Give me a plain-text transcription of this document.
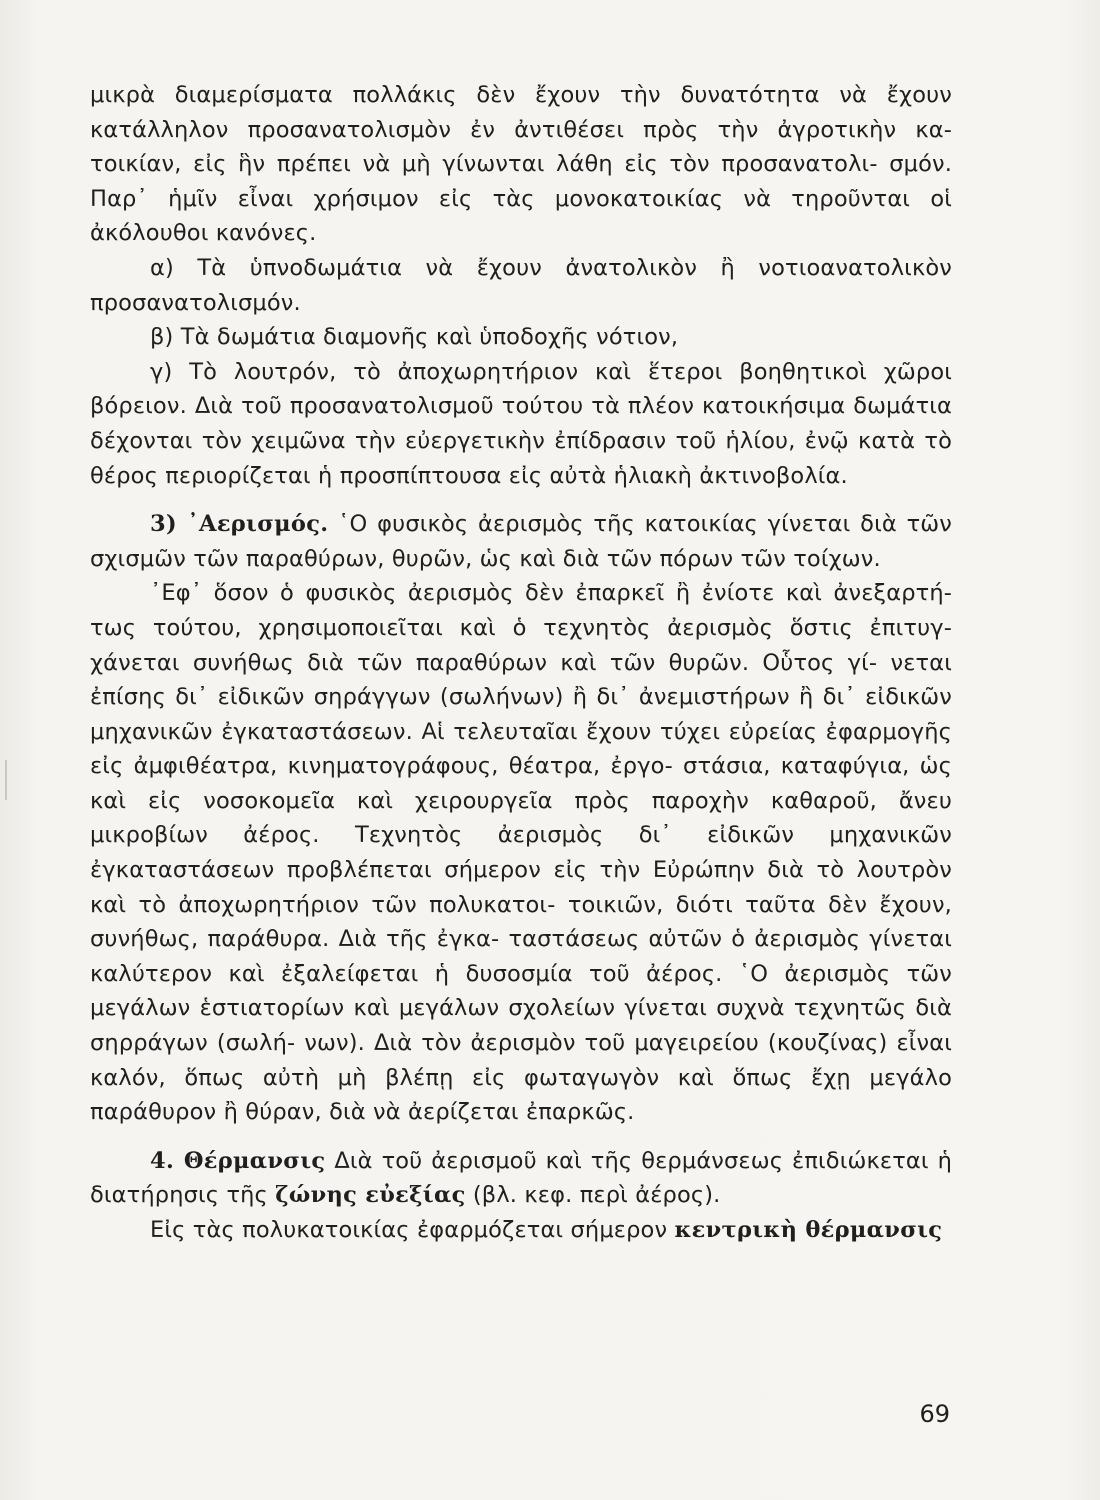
μικρὰ διαμερίσματα πολλάκις δὲν ἔχουν τὴν δυνατότητα νὰ ἔχουν κατάλληλον προσανατολισμὸν ἐν ἀντιθέσει πρὸς τὴν ἀγροτικὴν κα- τοικίαν, εἰς ἣν πρέπει νὰ μὴ γίνωνται λάθη εἰς τὸν προσανατολι- σμόν. Παρ᾿ ἡμῖν εἶναι χρήσιμον εἰς τὰς μονοκατοικίας νὰ τηροῦνται οἱ ἀκόλουθοι κανόνες.

α) Τὰ ὑπνοδωμάτια νὰ ἔχουν ἀνατολικὸν ἢ νοτιοανατολικὸν προσανατολισμόν.

β) Τὰ δωμάτια διαμονῆς καὶ ὑποδοχῆς νότιον,

γ) Τὸ λουτρόν, τὸ ἀποχωρητήριον καὶ ἕτεροι βοηθητικοὶ χῶροι βόρειον. Διὰ τοῦ προσανατολισμοῦ τούτου τὰ πλέον κατοικήσιμα δωμάτια δέχονται τὸν χειμῶνα τὴν εὐεργετικὴν ἐπίδρασιν τοῦ ἡλίου, ἐνῷ κατὰ τὸ θέρος περιορίζεται ἡ προσπίπτουσα εἰς αὐτὰ ἡλιακὴ ἀκτινοβολία.

3) ᾽Αερισμός. ῾Ο φυσικὸς ἀερισμὸς τῆς κατοικίας γίνεται διὰ τῶν σχισμῶν τῶν παραθύρων, θυρῶν, ὡς καὶ διὰ τῶν πόρων τῶν τοίχων.

᾽Εφ᾿ ὅσον ὁ φυσικὸς ἀερισμὸς δὲν ἐπαρκεῖ ἢ ἐνίοτε καὶ ἀνεξαρτή- τως τούτου, χρησιμοποιεῖται καὶ ὁ τεχνητὸς ἀερισμὸς ὅστις ἐπιτυγ- χάνεται συνήθως διὰ τῶν παραθύρων καὶ τῶν θυρῶν. Οὗτος γί- νεται ἐπίσης δι᾿ εἰδικῶν σηράγγων (σωλήνων) ἢ δι᾿ ἀνεμιστήρων ἢ δι᾿ εἰδικῶν μηχανικῶν ἐγκαταστάσεων. Αἱ τελευταῖαι ἔχουν τύχει εὐρείας ἐφαρμογῆς εἰς ἀμφιθέατρα, κινηματογράφους, θέατρα, ἐργο- στάσια, καταφύγια, ὡς καὶ εἰς νοσοκομεῖα καὶ χειρουργεῖα πρὸς παροχὴν καθαροῦ, ἄνευ μικροβίων ἀέρος. Τεχνητὸς ἀερισμὸς δι᾿ εἰδικῶν μηχανικῶν ἐγκαταστάσεων προβλέπεται σήμερον εἰς τὴν Εὐρώπην διὰ τὸ λουτρὸν καὶ τὸ ἀποχωρητήριον τῶν πολυκατοι- τοικιῶν, διότι ταῦτα δὲν ἔχουν, συνήθως, παράθυρα. Διὰ τῆς ἐγκα- ταστάσεως αὐτῶν ὁ ἀερισμὸς γίνεται καλύτερον καὶ ἐξαλείφεται ἡ δυσοσμία τοῦ ἀέρος. ῾Ο ἀερισμὸς τῶν μεγάλων ἑστιατορίων καὶ μεγάλων σχολείων γίνεται συχνὰ τεχνητῶς διὰ σηρράγων (σωλή- νων). Διὰ τὸν ἀερισμὸν τοῦ μαγειρείου (κουζίνας) εἶναι καλόν, ὅπως αὐτὴ μὴ βλέπῃ εἰς φωταγωγὸν καὶ ὅπως ἔχῃ μεγάλο παράθυρον ἢ θύραν, διὰ νὰ ἀερίζεται ἐπαρκῶς.

4. Θέρμανσις Διὰ τοῦ ἀερισμοῦ καὶ τῆς θερμάνσεως ἐπιδιώκεται ἡ διατήρησις τῆς ζώνης εὐεξίας (βλ. κεφ. περὶ ἀέρος).

Εἰς τὰς πολυκατοικίας ἐφαρμόζεται σήμερον κεντρικὴ θέρμανσις

69
